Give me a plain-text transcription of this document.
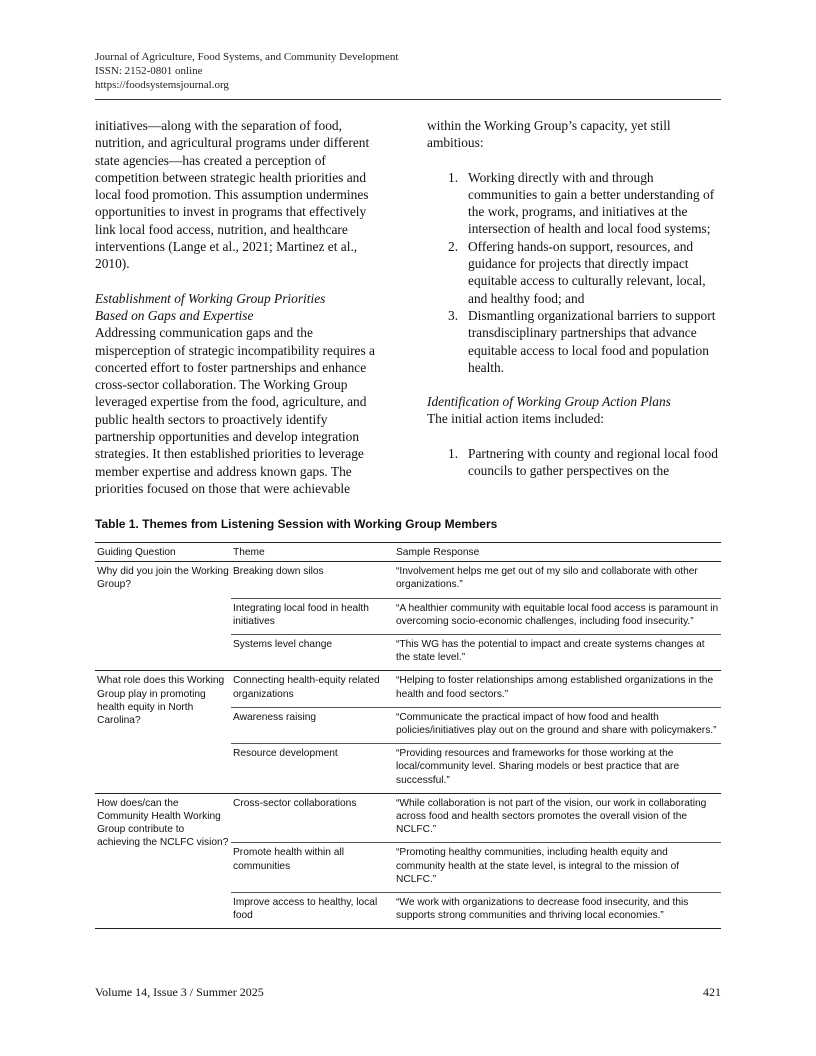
Journal of Agriculture, Food Systems, and Community Development
ISSN: 2152-0801 online
https://foodsystemsjournal.org

initiatives—along with the separation of food, nutrition, and agricultural programs under different state agencies—has created a perception of competition between strategic health priorities and local food promotion. This assumption undermines opportunities to invest in programs that effectively link local food access, nutrition, and healthcare interventions (Lange et al., 2021; Martinez et al., 2010).

Establishment of Working Group Priorities
Based on Gaps and Expertise

Addressing communication gaps and the misperception of strategic incompatibility requires a concerted effort to foster partnerships and enhance cross-sector collaboration. The Working Group leveraged expertise from the food, agriculture, and public health sectors to proactively identify partnership opportunities and develop integration strategies. It then established priorities to leverage member expertise and address known gaps. The priorities focused on those that were achievable

within the Working Group’s capacity, yet still ambitious:

1. Working directly with and through communities to gain a better understanding of the work, programs, and initiatives at the intersection of health and local food systems;
2. Offering hands-on support, resources, and guidance for projects that directly impact equitable access to culturally relevant, local, and healthy food; and
3. Dismantling organizational barriers to support transdisciplinary partnerships that advance equitable access to local food and population health.
Identification of Working Group Action Plans

The initial action items included:

1. Partnering with county and regional local food councils to gather perspectives on the
Table 1. Themes from Listening Session with Working Group Members
Guiding Question	Theme	Sample Response
Why did you join the Working Group?	Breaking down silos	“Involvement helps me get out of my silo and collaborate with other organizations.”
	Integrating local food in health initiatives	“A healthier community with equitable local food access is paramount in overcoming socio-economic challenges, including food insecurity.”
	Systems level change	“This WG has the potential to impact and create systems changes at the state level.”
What role does this Working Group play in promoting health equity in North Carolina?	Connecting health-equity related organizations	“Helping to foster relationships among established organizations in the health and food sectors.”
	Awareness raising	“Communicate the practical impact of how food and health policies/initiatives play out on the ground and share with policymakers.”
	Resource development	“Providing resources and frameworks for those working at the local/community level. Sharing models or best practice that are successful.”
How does/can the Community Health Working Group contribute to achieving the NCLFC vision?	Cross-sector collaborations	“While collaboration is not part of the vision, our work in collaborating across food and health sectors promotes the overall vision of the NCLFC.”
	Promote health within all communities	“Promoting healthy communities, including health equity and community health at the state level, is integral to the mission of NCLFC.”
	Improve access to healthy, local food	“We work with organizations to decrease food insecurity, and this supports strong communities and thriving local economies.”
Volume 14, Issue 3 / Summer 2025	421
